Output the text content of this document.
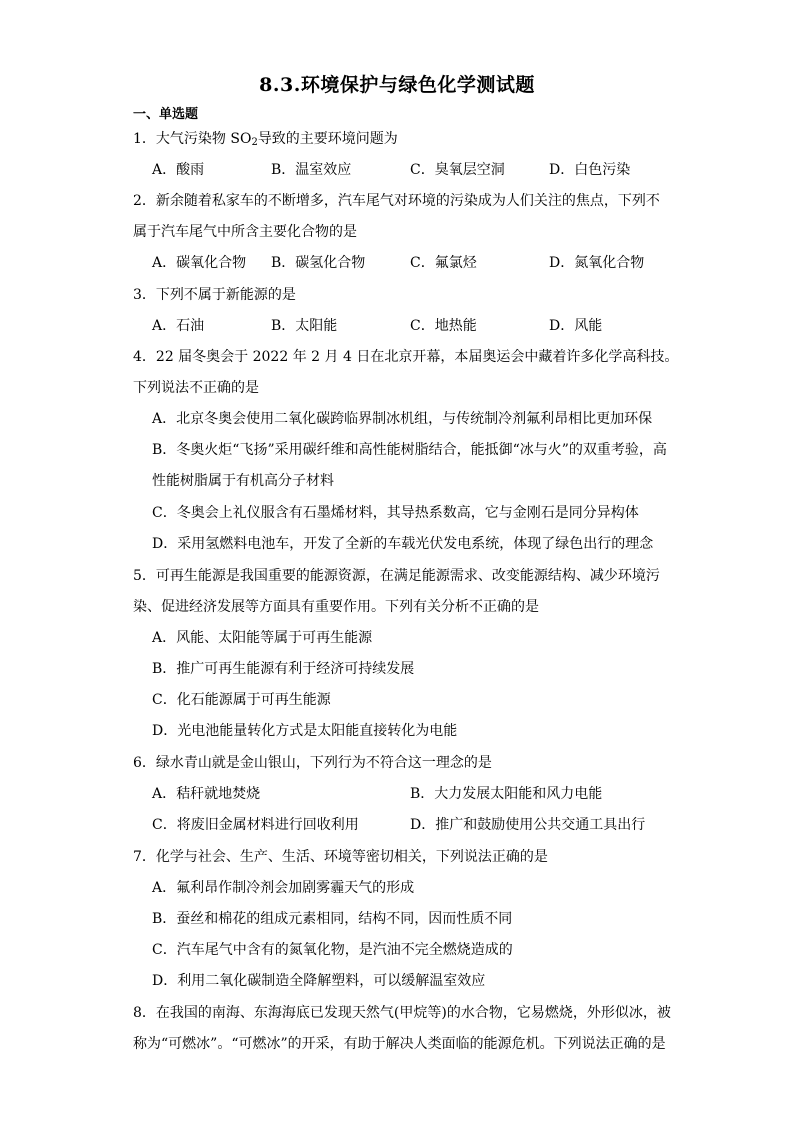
8.3.环境保护与绿色化学测试题
一、单选题
1．大气污染物 $SO_2$导致的主要环境问题为
A．酸雨	B．温室效应	C．臭氧层空洞	D．白色污染
2．新余随着私家车的不断增多，汽车尾气对环境的污染成为人们关注的焦点，下列不
属于汽车尾气中所含主要化合物的是
A．碳氧化合物 B．碳氢化合物	C．氟氯烃	D．氮氧化合物
3．下列不属于新能源的是
A．石油	B．太阳能	C．地热能	D．风能
4．22 届冬奥会于 2022 年 2 月 4 日在北京开幕，本届奥运会中藏着许多化学高科技。
下列说法不正确的是
A．北京冬奥会使用二氧化碳跨临界制冰机组，与传统制冷剂氟利昂相比更加环保
B．冬奥火炬“飞扬”采用碳纤维和高性能树脂结合，能抵御“冰与火”的双重考验，高
性能树脂属于有机高分子材料
C．冬奥会上礼仪服含有石墨烯材料，其导热系数高，它与金刚石是同分异构体
D．采用氢燃料电池车，开发了全新的车载光伏发电系统，体现了绿色出行的理念
5．可再生能源是我国重要的能源资源，在满足能源需求、改变能源结构、减少环境污
染、促进经济发展等方面具有重要作用。下列有关分析不正确的是
A．风能、太阳能等属于可再生能源
B．推广可再生能源有利于经济可持续发展
C．化石能源属于可再生能源
D．光电池能量转化方式是太阳能直接转化为电能
6．绿水青山就是金山银山，下列行为不符合这一理念的是
A．秸秆就地焚烧	B．大力发展太阳能和风力电能
C．将废旧金属材料进行回收利用	D．推广和鼓励使用公共交通工具出行
7．化学与社会、生产、生活、环境等密切相关，下列说法正确的是
A．氟利昂作制冷剂会加剧雾霾天气的形成
B．蚕丝和棉花的组成元素相同，结构不同，因而性质不同
C．汽车尾气中含有的氮氧化物，是汽油不完全燃烧造成的
D．利用二氧化碳制造全降解塑料，可以缓解温室效应
8．在我国的南海、东海海底已发现天然气(甲烷等)的水合物，它易燃烧，外形似冰，被
称为“可燃冰”。“可燃冰”的开采，有助于解决人类面临的能源危机。下列说法正确的是
